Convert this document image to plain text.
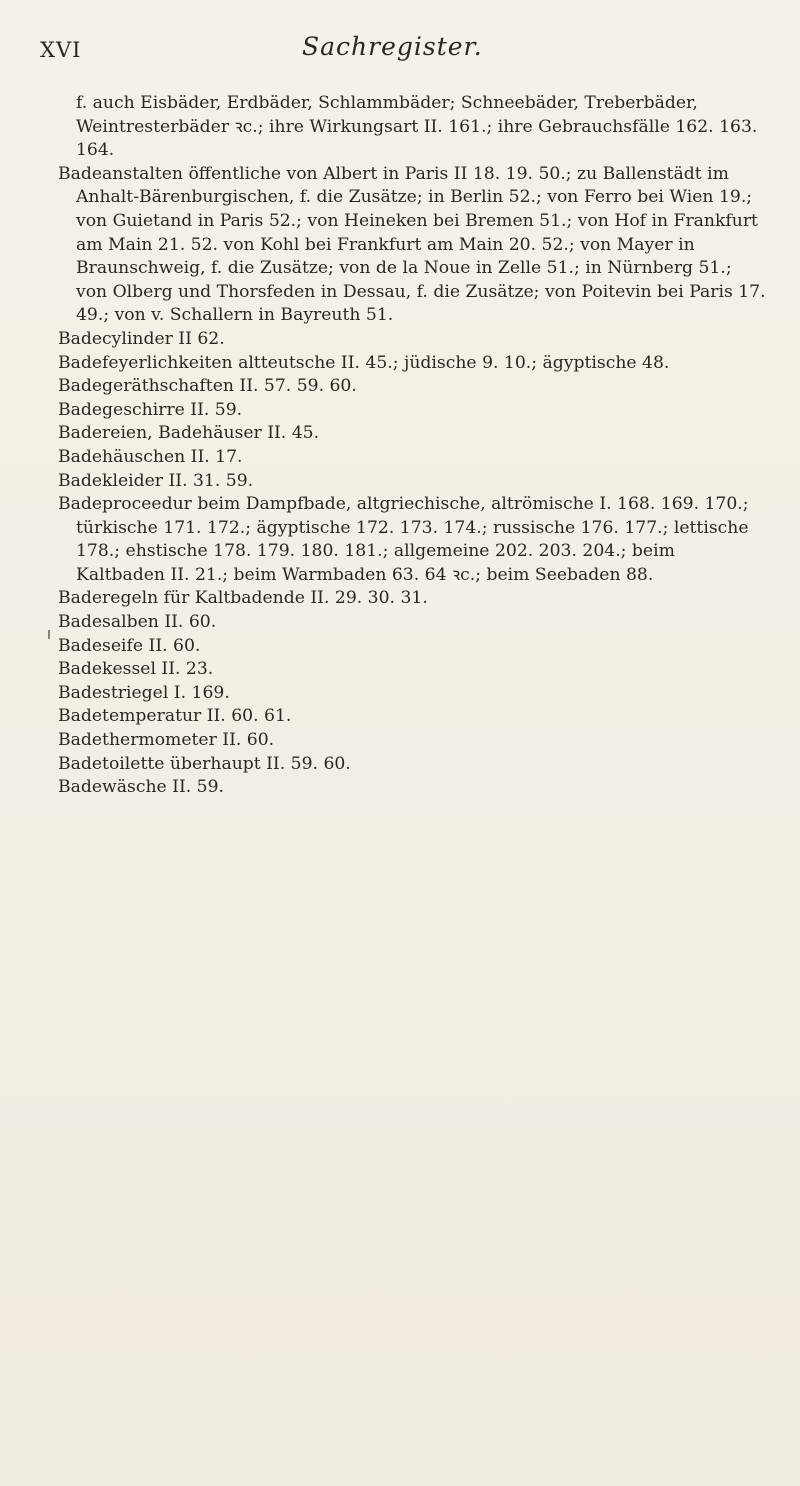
XVI	Sachregister.

f. auch Eisbäder, Erdbäder, Schlammbäder; Schneebäder, Treberbäder, Weintresterbäder ꝛc.; ihre Wirkungsart II. 161.; ihre Gebrauchsfälle 162. 163. 164.

Badeanstalten öffentliche von Albert in Paris II 18. 19. 50.; zu Ballenstädt im Anhalt-Bärenburgischen, f. die Zusätze; in Berlin 52.; von Ferro bei Wien 19.; von Guietand in Paris 52.; von Heineken bei Bremen 51.; von Hof in Frankfurt am Main 21. 52. von Kohl bei Frankfurt am Main 20. 52.; von Mayer in Braunschweig, f. die Zusätze; von de la Noue in Zelle 51.; in Nürnberg 51.; von Olberg und Thorsfeden in Dessau, f. die Zusätze; von Poitevin bei Paris 17. 49.; von v. Schallern in Bayreuth 51.

Badecylinder II 62.

Badefeyerlichkeiten altteutsche II. 45.; jüdische 9. 10.; ägyptische 48.

Badegeräthschaften II. 57. 59. 60.

Badegeschirre II. 59.

Badereien, Badehäuser II. 45.

Badehäuschen II. 17.

Badekleider II. 31. 59.

Badeproceedur beim Dampfbade, altgriechische, altrömische I. 168. 169. 170.; türkische 171. 172.; ägyptische 172. 173. 174.; russische 176. 177.; lettische 178.; ehstische 178. 179. 180. 181.; allgemeine 202. 203. 204.; beim Kaltbaden II. 21.; beim Warmbaden 63. 64 ꝛc.; beim Seebaden 88.

Baderegeln für Kaltbadende II. 29. 30. 31.

Badesalben II. 60.

Badeseife II. 60.

Badekessel II. 23.

Badestriegel I. 169.

Badetemperatur II. 60. 61.

Badethermometer II. 60.

Badetoilette überhaupt II. 59. 60.

Badewäsche II. 59.
